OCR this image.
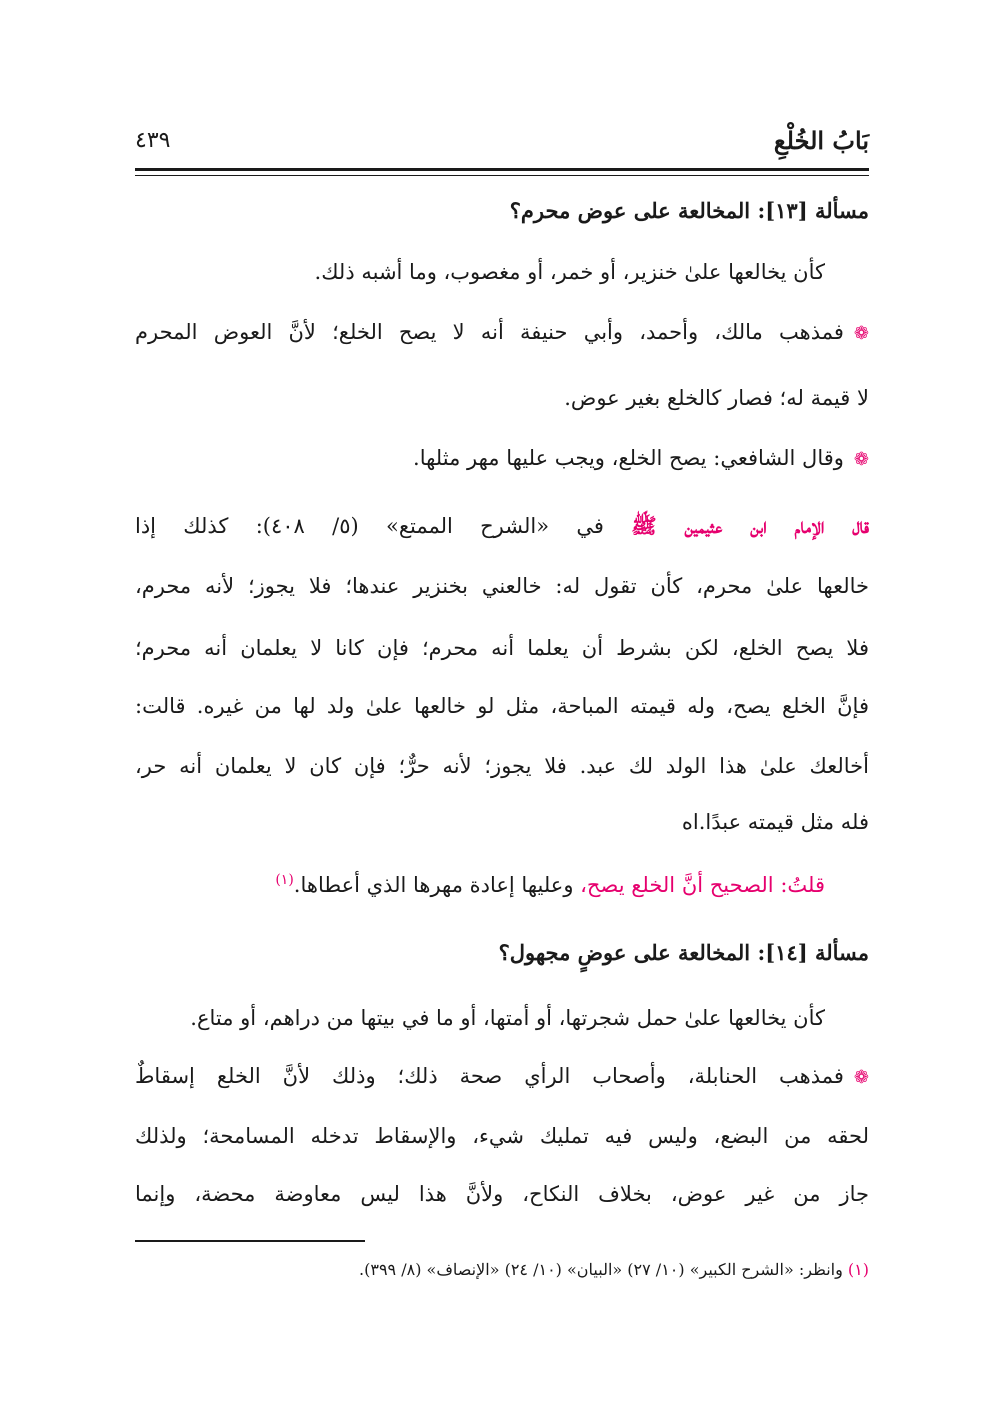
بَابُ الخُلْعِ
٤٣٩
مسألة [١٣]: المخالعة على عوض محرم؟
كأن يخالعها علىٰ خنزير، أو خمر، أو مغصوب، وما أشبه ذلك.
❁فمذهب مالك، وأحمد، وأبي حنيفة أنه لا يصح الخلع؛ لأنَّ العوض المحرم
لا قيمة له؛ فصار كالخلع بغير عوض.
❁وقال الشافعي: يصح الخلع، ويجب عليها مهر مثلها.
قال الإمام ابن عثيمين ﷺ في «الشرح الممتع» (٥/ ٤٠٨): كذلك إذا
خالعها علىٰ محرم، كأن تقول له: خالعني بخنزير عندها؛ فلا يجوز؛ لأنه محرم،
فلا يصح الخلع، لكن بشرط أن يعلما أنه محرم؛ فإن كانا لا يعلمان أنه محرم؛
فإنَّ الخلع يصح، وله قيمته المباحة، مثل لو خالعها علىٰ ولد لها من غيره. قالت:
أخالعك علىٰ هذا الولد لك عبد. فلا يجوز؛ لأنه حرٌّ؛ فإن كان لا يعلمان أنه حر،
فله مثل قيمته عبدًا.اه
قلتُ: الصحيح أنَّ الخلع يصح، وعليها إعادة مهرها الذي أعطاها.$^{(١)}$
مسألة [١٤]: المخالعة على عوضٍ مجهول؟
كأن يخالعها علىٰ حمل شجرتها، أو أمتها، أو ما في بيتها من دراهم، أو متاع.
❁فمذهب الحنابلة، وأصحاب الرأي صحة ذلك؛ وذلك لأنَّ الخلع إسقاطٌ
لحقه من البضع، وليس فيه تمليك شيء، والإسقاط تدخله المسامحة؛ ولذلك
جاز من غير عوض، بخلاف النكاح، ولأنَّ هذا ليس معاوضة محضة، وإنما
(١) وانظر: «الشرح الكبير» (١٠/ ٢٧) «البيان» (١٠/ ٢٤) «الإنصاف» (٨/ ٣٩٩).
